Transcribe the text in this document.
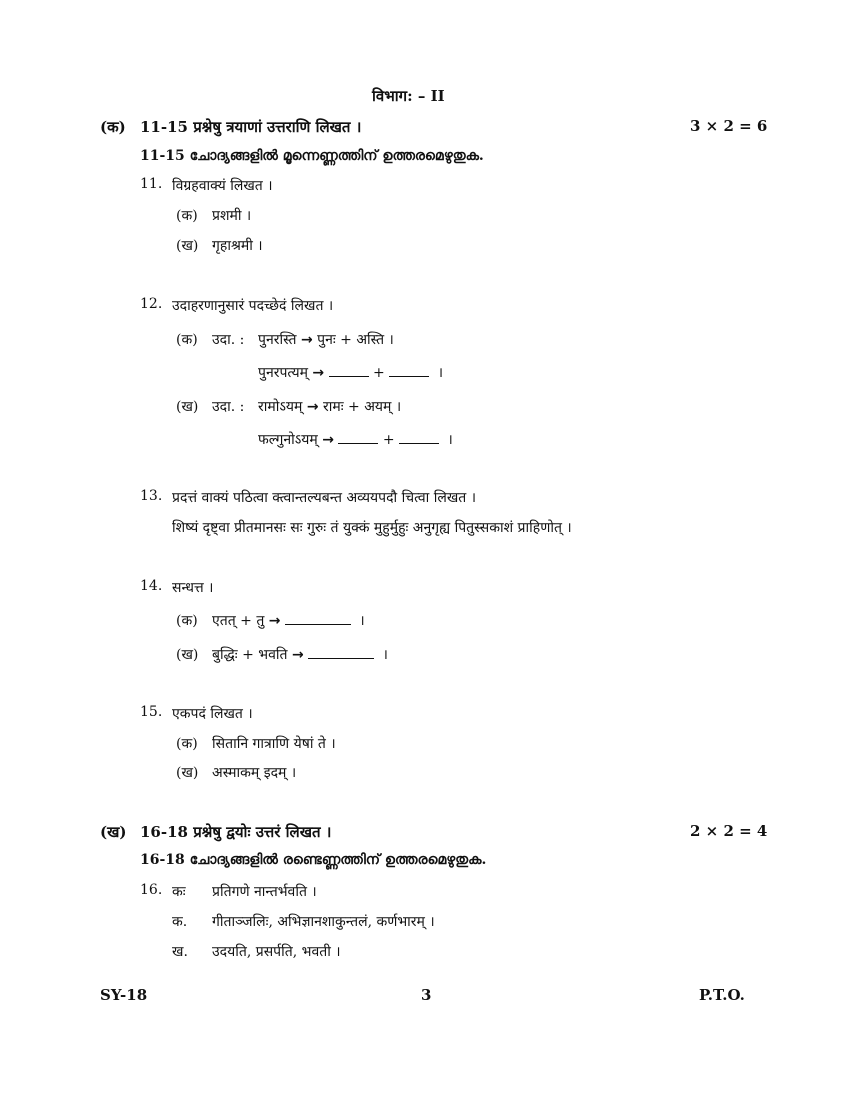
विभाग: – II
(क) 11-15 प्रश्नेषु त्रयाणां उत्तराणि लिखत ।	3 × 2 = 6
11-15 ചോദ്യങ്ങളിൽ മൂന്നെണ്ണത്തിന് ഉത്തരമെഴുതുക.
11. विग्रहवाक्यं लिखत ।
(क) प्रशमी ।
(ख) गृहाश्रमी ।
12. उदाहरणानुसारं पदच्छेदं लिखत ।
(क) उदा. : पुनरस्ति → पुनः + अस्ति ।
पुनरपत्यम् →	+	।
(ख) उदा. : रामोऽयम् → रामः + अयम् ।
फल्गुनोऽयम् →	+	।
13. प्रदत्तं वाक्यं पठित्वा क्त्वान्तल्यबन्त अव्ययपदौ चित्वा लिखत ।
शिष्यं दृष्ट्वा प्रीतमानसः सः गुरुः तं युक्कं मुहुर्मुहुः अनुगृह्य पितुस्सकाशं प्राहिणोत् ।
14. सन्धत्त ।
(क) एतत् + तु →	।
(ख) बुद्धिः + भवति →	।
15. एकपदं लिखत ।
(क) सितानि गात्राणि येषां ते ।
(ख) अस्माकम् इदम् ।
(ख) 16-18 प्रश्नेषु द्वयोः उत्तरं लिखत ।	2 × 2 = 4
16-18 ചോദ്യങ്ങളിൽ രണ്ടെണ്ണത്തിന് ഉത്തരമെഴുതുക.
16. कः प्रतिगणे नान्तर्भवति ।
क. गीताञ्जलिः, अभिज्ञानशाकुन्तलं, कर्णभारम् ।
ख. उदयति, प्रसर्पति, भवती ।
SY-18	3	P.T.O.
